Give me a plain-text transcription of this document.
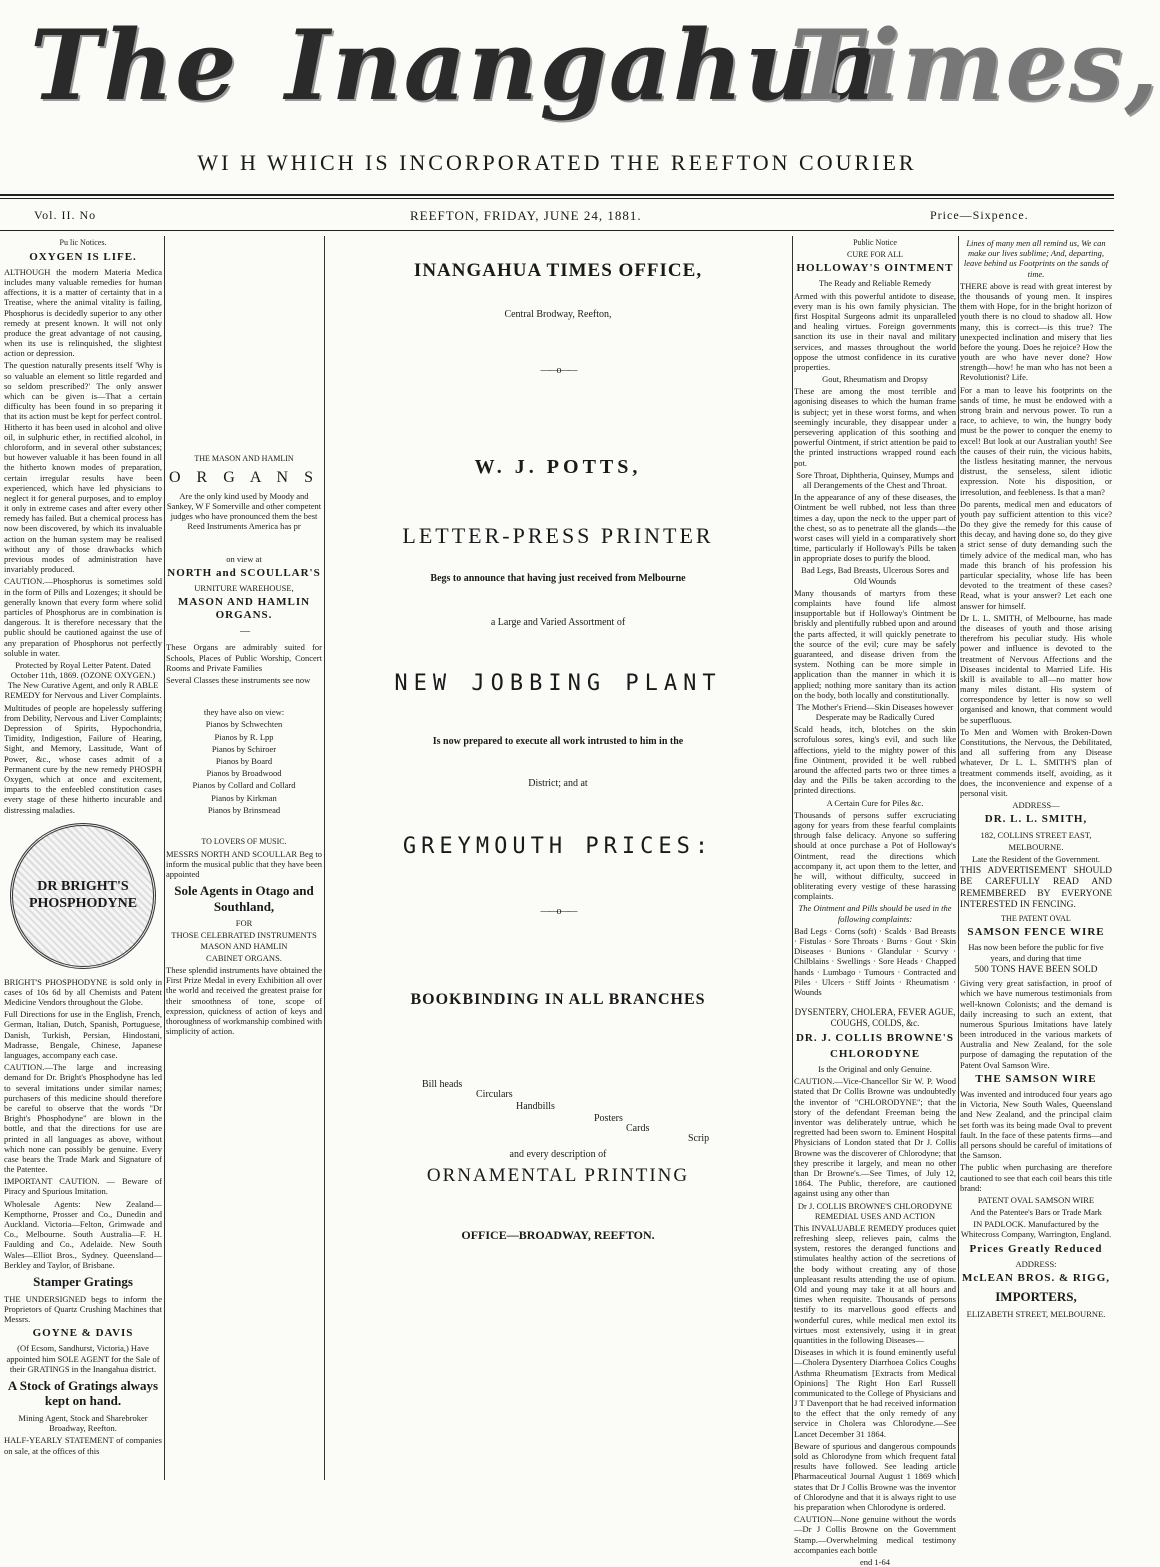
The Inangahua
Times,
WI H WHICH IS INCORPORATED THE REEFTON COURIER
Vol. II. No	REEFTON, FRIDAY, JUNE 24, 1881.	Price—Sixpence.
Pu lic Notices.
OXYGEN IS LIFE.
ALTHOUGH the modern Materia Medica includes many valuable remedies for human affections, it is a matter of certainty that in a Treatise, where the animal vitality is failing, Phosphorus is decidedly superior to any other remedy at present known. It will not only produce the great advantage of not causing, when its use is relinquished, the slightest action or depression.
The question naturally presents itself 'Why is so valuable an element so little regarded and so seldom prescribed?' The only answer which can be given is—That a certain difficulty has been found in so preparing it that its action must be kept for perfect control. Hitherto it has been used in alcohol and olive oil, in sulphuric ether, in rectified alcohol, in chloroform, and in several other substances; but however valuable it has been found in all the hitherto known modes of preparation, certain irregular results have been experienced, which have led physicians to neglect it for general purposes, and to employ it only in extreme cases and after every other remedy has failed. But a chemical process has now been discovered, by which its invaluable action on the human system may be realised without any of those drawbacks which previous modes of administration have invariably produced.
CAUTION.—Phosphorus is sometimes sold in the form of Pills and Lozenges; it should be generally known that every form where solid particles of Phosphorus are in combination is dangerous. It is therefore necessary that the public should be cautioned against the use of any preparation of Phosphorus not perfectly soluble in water.
Protected by Royal Letter Patent. Dated October 11th, 1869. (OZONE OXYGEN.) The New Curative Agent, and only R ABLE REMEDY for Nervous and Liver Complaints.
Multitudes of people are hopelessly suffering from Debility, Nervous and Liver Complaints; Depression of Spirits, Hypochondria, Timidity, Indigestion, Failure of Hearing, Sight, and Memory, Lassitude, Want of Power, &c., whose cases admit of a Permanent cure by the new remedy PHOSPH Oxygen, which at once and excitement, imparts to the enfeebled constitution cases every stage of these hitherto incurable and distressing maladies.
DR BRIGHT'S PHOSPHODYNE
BRIGHT'S PHOSPHODYNE is sold only in cases of 10s 6d by all Chemists and Patent Medicine Vendors throughout the Globe.
Full Directions for use in the English, French, German, Italian, Dutch, Spanish, Portuguese, Danish, Turkish, Persian, Hindostani, Madrasse, Bengale, Chinese, Japanese languages, accompany each case.
CAUTION.—The large and increasing demand for Dr. Bright's Phosphodyne has led to several imitations under similar names; purchasers of this medicine should therefore be careful to observe that the words "Dr Bright's Phosphodyne" are blown in the bottle, and that the directions for use are printed in all languages as above, without which none can possibly be genuine. Every case bears the Trade Mark and Signature of the Patentee.
IMPORTANT CAUTION. — Beware of Piracy and Spurious Imitation.
Wholesale Agents: New Zealand—Kempthorne, Prosser and Co., Dunedin and Auckland. Victoria—Felton, Grimwade and Co., Melbourne. South Australia—F. H. Faulding and Co., Adelaide. New South Wales—Elliot Bros., Sydney. Queensland—Berkley and Taylor, of Brisbane.
Stamper Gratings
THE UNDERSIGNED begs to inform the Proprietors of Quartz Crushing Machines that Messrs.
GOYNE & DAVIS
(Of Ecsom, Sandhurst, Victoria,) Have appointed him SOLE AGENT for the Sale of their GRATINGS in the Inangahua district.
A Stock of Gratings always kept on hand.
Mining Agent, Stock and Sharebroker Broadway, Reefton.
HALF-YEARLY STATEMENT of companies on sale, at the offices of this
THE MASON AND HAMLIN
O R G A N S
Are the only kind used by Moody and Sankey, W F Somerville and other competent judges who have pronounced them the best Reed Instruments America has pr
on view at
NORTH and SCOULLAR'S
URNITURE WAREHOUSE,
MASON AND HAMLIN ORGANS.
—
These Organs are admirably suited for Schools, Places of Public Worship, Concert Rooms and Private Families
Several Classes these instruments see now
they have also on view:
Pianos by Schwechten
Pianos by R. Lpp
Pianos by Schiroer
Pianos by Board
Pianos by Broadwood
Pianos by Collard and Collard
Pianos by Kirkman
Pianos by Brinsmead
TO LOVERS OF MUSIC.
MESSRS NORTH AND SCOULLAR Beg to inform the musical public that they have been appointed
Sole Agents in Otago and Southland,
FOR
THOSE CELEBRATED INSTRUMENTS MASON AND HAMLIN
CABINET ORGANS.
These splendid instruments have obtained the First Prize Medal in every Exhibition all over the world and received the greatest praise for their smoothness of tone, scope of expression, quickness of action of keys and thoroughness of workmanship combined with simplicity of action.
INANGAHUA TIMES OFFICE,
Central Brodway, Reefton,
——o——
W. J. POTTS,
LETTER-PRESS PRINTER
Begs to announce that having just received from Melbourne
a Large and Varied Assortment of
NEW JOBBING PLANT
Is now prepared to execute all work intrusted to him in the
District; and at
GREYMOUTH PRICES:
——o——
BOOKBINDING IN ALL BRANCHES
Bill heads
Circulars
Handbills
Posters
Cards
Scrip
and every description of
ORNAMENTAL PRINTING
OFFICE—BROADWAY, REEFTON.
Public Notice
CURE FOR ALL
HOLLOWAY'S OINTMENT
The Ready and Reliable Remedy
Armed with this powerful antidote to disease, every man is his own family physician. The first Hospital Surgeons admit its unparalleled and healing virtues. Foreign governments sanction its use in their naval and military services, and masses throughout the world oppose the utmost confidence in its curative properties.
Gout, Rheumatism and Dropsy
These are among the most terrible and agonising diseases to which the human frame is subject; yet in these worst forms, and when seemingly incurable, they disappear under a persevering application of this soothing and powerful Ointment, if strict attention be paid to the printed instructions wrapped round each pot.
Sore Throat, Diphtheria, Quinsey, Mumps and all Derangements of the Chest and Throat.
In the appearance of any of these diseases, the Ointment be well rubbed, not less than three times a day, upon the neck to the upper part of the chest, so as to penetrate all the glands—the worst cases will yield in a comparatively short time, particularly if Holloway's Pills be taken in appropriate doses to purify the blood.
Bad Legs, Bad Breasts, Ulcerous Sores and Old Wounds
Many thousands of martyrs from these complaints have found life almost insupportable but if Holloway's Ointment be briskly and plentifully rubbed upon and around the parts affected, it will quickly penetrate to the source of the evil; cure may be safely guaranteed, and disease driven from the system. Nothing can be more simple in application than the manner in which it is applied; nothing more sanitary than its action on the body, both locally and constitutionally.
The Mother's Friend—Skin Diseases however Desperate may be Radically Cured
Scald heads, itch, blotches on the skin scrofulous sores, king's evil, and such like affections, yield to the mighty power of this fine Ointment, provided it be well rubbed around the affected parts two or three times a day and the Pills be taken according to the printed directions.
A Certain Cure for Piles &c.
Thousands of persons suffer excruciating agony for years from these fearful complaints through false delicacy. Anyone so suffering should at once purchase a Pot of Holloway's Ointment, read the directions which accompany it, act upon them to the letter, and he will, without difficulty, succeed in obliterating every vestige of these harassing complaints.
The Ointment and Pills should be used in the following complaints:
Bad Legs · Corns (soft) · Scalds · Bad Breasts · Fistulas · Sore Throats · Burns · Gout · Skin Diseases · Bunions · Glandular · Scurvy · Chilblains · Swellings · Sore Heads · Chapped hands · Lumbago · Tumours · Contracted and Piles · Ulcers · Stiff Joints · Rheumatism · Wounds
DYSENTERY, CHOLERA, FEVER AGUE, COUGHS, COLDS, &c.
DR. J. COLLIS BROWNE'S
CHLORODYNE
Is the Original and only Genuine.
CAUTION.—Vice-Chancellor Sir W. P. Wood stated that Dr Collis Browne was undoubtedly the inventor of "CHLORODYNE"; that the story of the defendant Freeman being the inventor was deliberately untrue, which he regretted had been sworn to. Eminent Hospital Physicians of London stated that Dr J. Collis Browne was the discoverer of Chlorodyne; that they prescribe it largely, and mean no other than Dr Browne's.—See Times, of July 12, 1864. The Public, therefore, are cautioned against using any other than
Dr J. COLLIS BROWNE'S CHLORODYNE REMEDIAL USES AND ACTION
This INVALUABLE REMEDY produces quiet refreshing sleep, relieves pain, calms the system, restores the deranged functions and stimulates healthy action of the secretions of the body without creating any of those unpleasant results attending the use of opium. Old and young may take it at all hours and times when requisite. Thousands of persons testify to its marvellous good effects and wonderful cures, while medical men extol its virtues most extensively, using it in great quantities in the following Diseases—
Diseases in which it is found eminently useful—Cholera Dysentery Diarrhoea Colics Coughs Asthma Rheumatism [Extracts from Medical Opinions] The Right Hon Earl Russell communicated to the College of Physicians and J T Davenport that he had received information to the effect that the only remedy of any service in Cholera was Chlorodyne.—See Lancet December 31 1864.
Beware of spurious and dangerous compounds sold as Chlorodyne from which frequent fatal results have followed. See leading article Pharmaceutical Journal August 1 1869 which states that Dr J Collis Browne was the inventor of Chlorodyne and that it is always right to use his preparation when Chlorodyne is ordered.
CAUTION—None genuine without the words—Dr J Collis Browne on the Government Stamp.—Overwhelming medical testimony accompanies each bottle
end 1-64
Lines of many men all remind us, We can make our lives sublime; And, departing, leave behind us Footprints on the sands of time.
THERE above is read with great interest by the thousands of young men. It inspires them with Hope, for in the bright horizon of youth there is no cloud to shadow all. How many, this is correct—is this true? The unexpected inclination and misery that lies before the young. Does he rejoice? How the youth are who have never done? How strength—how! he man who has not been a Revolutionist? Life.
For a man to leave his footprints on the sands of time, he must be endowed with a strong brain and nervous power. To run a race, to achieve, to win, the hungry body must be the power to conquer the enemy to excel! But look at our Australian youth! See the causes of their ruin, the vicious habits, the listless hesitating manner, the nervous distrust, the senseless, silent idiotic expression. Note his disposition, or irresolution, and feebleness. Is that a man?
Do parents, medical men and educators of youth pay sufficient attention to this vice? Do they give the remedy for this cause of this decay, and having done so, do they give a strict sense of duty demanding such the timely advice of the medical man, who has made this branch of his profession his particular speciality, whose life has been devoted to the treatment of these cases? Read, what is your answer? Let each one answer for himself.
Dr L. L. SMITH, of Melbourne, has made the diseases of youth and those arising therefrom his peculiar study. His whole power and influence is devoted to the treatment of Nervous Affections and the Diseases incidental to Married Life. His skill is available to all—no matter how many miles distant. His system of correspondence by letter is now so well organised and known, that comment would be superfluous.
To Men and Women with Broken-Down Constitutions, the Nervous, the Debilitated, and all suffering from any Disease whatever, Dr L. L. SMITH'S plan of treatment commends itself, avoiding, as it does, the inconvenience and expense of a personal visit.
ADDRESS—
DR. L. L. SMITH,
182, COLLINS STREET EAST,
MELBOURNE.
Late the Resident of the Government.
THIS ADVERTISEMENT SHOULD BE CAREFULLY READ AND REMEMBERED BY EVERYONE INTERESTED IN FENCING.
THE PATENT OVAL
SAMSON FENCE WIRE
Has now been before the public for five years, and during that time
500 TONS HAVE BEEN SOLD
Giving very great satisfaction, in proof of which we have numerous testimonials from well-known Colonists; and the demand is daily increasing to such an extent, that numerous Spurious Imitations have lately been introduced in the various markets of Australia and New Zealand, for the sole purpose of damaging the reputation of the Patent Oval Samson Wire.
THE SAMSON WIRE
Was invented and introduced four years ago in Victoria, New South Wales, Queensland and New Zealand, and the principal claim set forth was its being made Oval to prevent fault. In the face of these patents firms—and all persons should be careful of imitations of the Samson.
The public when purchasing are therefore cautioned to see that each coil bears this title brand:
PATENT OVAL SAMSON WIRE
And the Patentee's Bars or Trade Mark
IN PADLOCK. Manufactured by the Whitecross Company, Warrington, England.
Prices Greatly Reduced
ADDRESS:
McLEAN BROS. & RIGG,
IMPORTERS,
ELIZABETH STREET, MELBOURNE.
